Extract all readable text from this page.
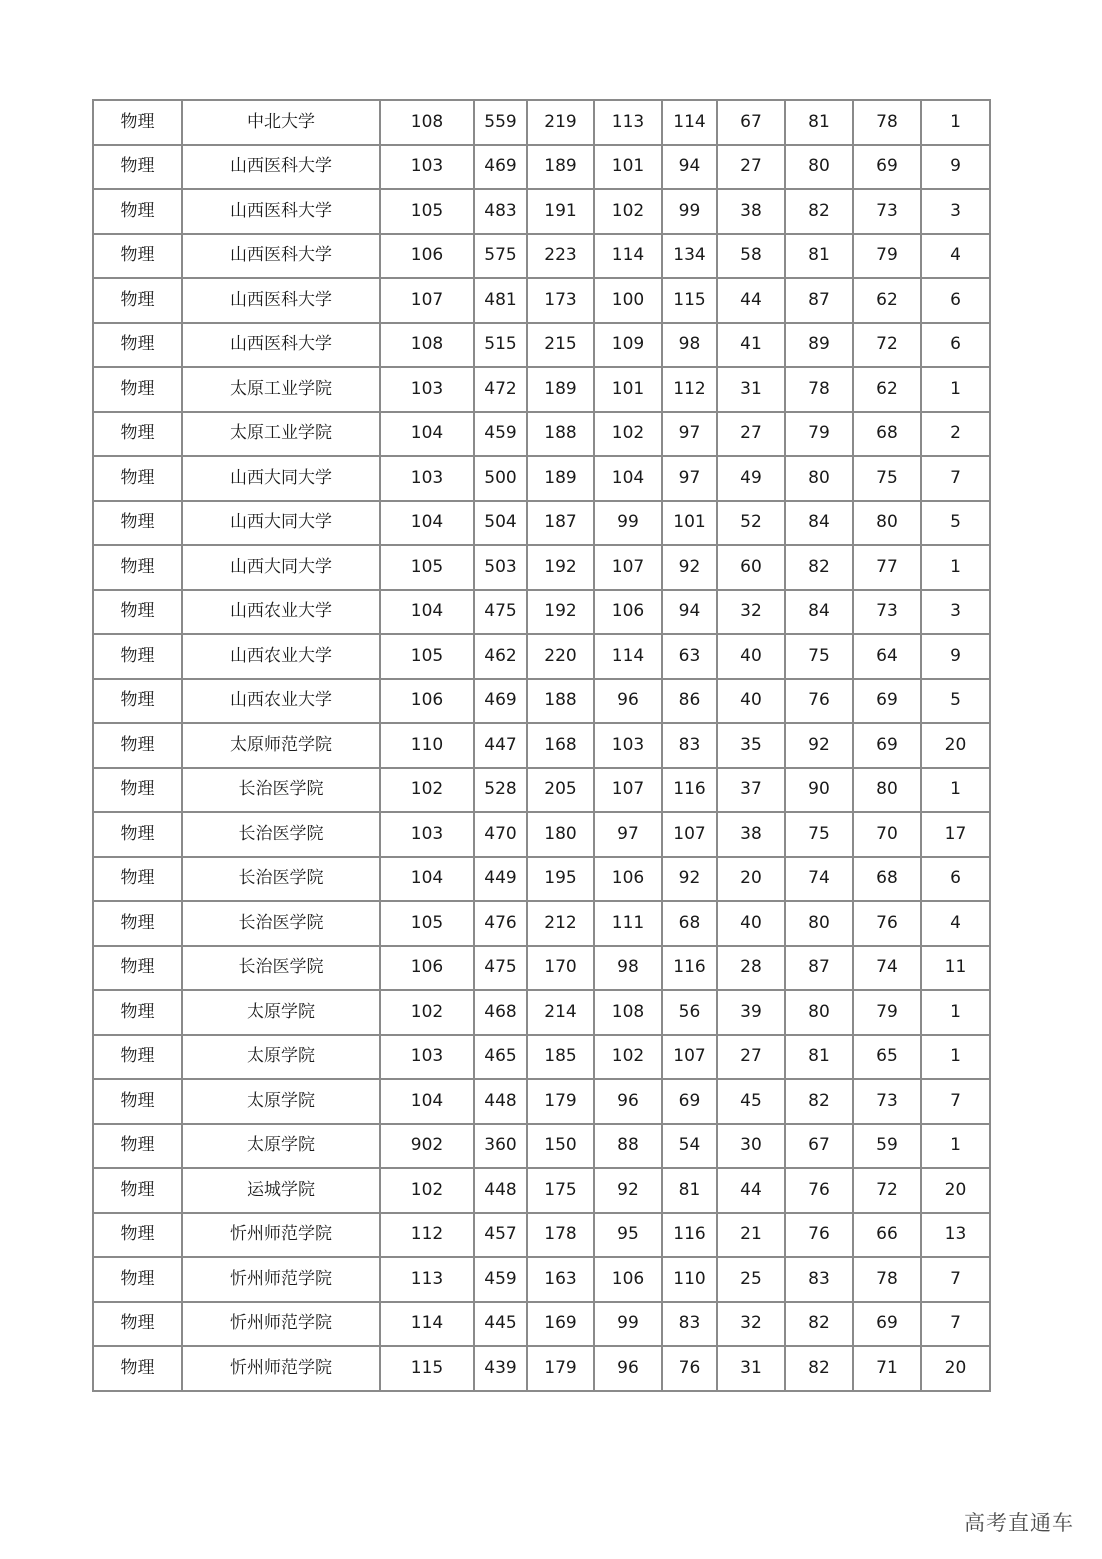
物理	中北大学	108	559	219	113	114	67	81	78	1
物理	山西医科大学	103	469	189	101	94	27	80	69	9
物理	山西医科大学	105	483	191	102	99	38	82	73	3
物理	山西医科大学	106	575	223	114	134	58	81	79	4
物理	山西医科大学	107	481	173	100	115	44	87	62	6
物理	山西医科大学	108	515	215	109	98	41	89	72	6
物理	太原工业学院	103	472	189	101	112	31	78	62	1
物理	太原工业学院	104	459	188	102	97	27	79	68	2
物理	山西大同大学	103	500	189	104	97	49	80	75	7
物理	山西大同大学	104	504	187	99	101	52	84	80	5
物理	山西大同大学	105	503	192	107	92	60	82	77	1
物理	山西农业大学	104	475	192	106	94	32	84	73	3
物理	山西农业大学	105	462	220	114	63	40	75	64	9
物理	山西农业大学	106	469	188	96	86	40	76	69	5
物理	太原师范学院	110	447	168	103	83	35	92	69	20
物理	长治医学院	102	528	205	107	116	37	90	80	1
物理	长治医学院	103	470	180	97	107	38	75	70	17
物理	长治医学院	104	449	195	106	92	20	74	68	6
物理	长治医学院	105	476	212	111	68	40	80	76	4
物理	长治医学院	106	475	170	98	116	28	87	74	11
物理	太原学院	102	468	214	108	56	39	80	79	1
物理	太原学院	103	465	185	102	107	27	81	65	1
物理	太原学院	104	448	179	96	69	45	82	73	7
物理	太原学院	902	360	150	88	54	30	67	59	1
物理	运城学院	102	448	175	92	81	44	76	72	20
物理	忻州师范学院	112	457	178	95	116	21	76	66	13
物理	忻州师范学院	113	459	163	106	110	25	83	78	7
物理	忻州师范学院	114	445	169	99	83	32	82	69	7
物理	忻州师范学院	115	439	179	96	76	31	82	71	20
高考直通车
